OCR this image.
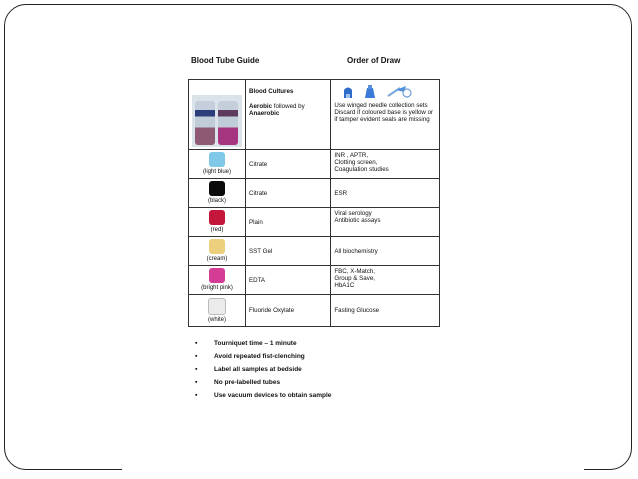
Blood Tube Guide	Order of Draw

	Blood Cultures
Aerobic followed by
Anaerobic	Use winged needle collection sets
Discard if coloured base is yellow or if tamper evident seals are missing

(light blue)	Citrate	INR , APTR,
Clotting screen,
Coagulation studies

(black)	Citrate	ESR

(red)	Plain	Viral serology
Antibiotic assays

(cream)	SST Gel	All biochemistry

(bright pink)	EDTA	FBC, X-Match,
Group & Save,
HbA1C

(white)	Fluoride Oxylate	Fasting Glucose
▪ Tourniquet time – 1 minute
▪ Avoid repeated fist-clenching
▪ Label all samples at bedside
▪ No pre-labelled tubes
▪ Use vacuum devices to obtain sample
